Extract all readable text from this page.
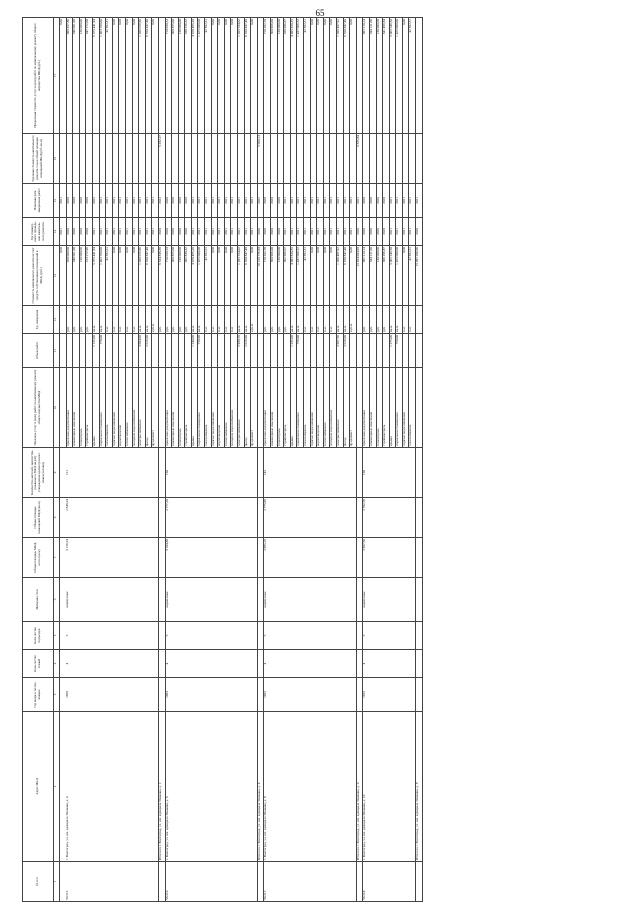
65
№ п/п	Адрес МКД	Год ввода в эксплу-атацию	Коли-чество этажей	Коли-чество подъездов	Материал стен	Общая площадь МКД, всего (кв.м)	Общая площадь помещений МКД (кв.м)	Количество жителей, зарегистри-рованных в МКД на дату утверждения краткосрочного плана (человек)	Перечень услуг и (или) работ по капитальному ремонту общего имущества МКД	Объем работ	Ед. измерения	Стоимость капитального ремонта за счет средств собственников помещений в МКД, (руб.)	Год планиру-емого проведе-ния капиталь-ного ремонта	Плановая дата завершения работ	Удельная стоимость капитального ремонта 1 кв.м общей площади помещений МКД (руб./кв.м)	Предельная стоимость услуг и (или) работ по капитальному ремонту общего имущества МКД (руб.)
1	2	3	4	5	6	7	8	9	10	11	12	13	14	15	16	17
												0,00	2021	2021		0,00
56.215.	г. Волгоград, ул. им. адмирала Ушакова, д. 4	1968	4	5	кирпичные	3 126,54	2 848,24	121	проектная документация		руб.	650 000,00	2020	2020		689 857,86
									инженерные изыскания		руб.	346 061,00	2020	2020		346 061,00
									техконтроль		руб.	130 000,00	2020	2020		130 000,00
									стройконтроль		руб.	313 272,96	2020	2020		347 272,00
									крыша	1 155,00	кв.м.	5 375 441,94	2021	2022		5 375 441,94
									подвальное помещение	770,00	кв.м.	1 463 760,00	2021	2021		1 463 760,00
									газоснабжение		п.м.	42 392,31	2021	2021		42 392,31
									горячее водоснабжение		п.м.	0,00	2021	2021		0,00
									водоотведение		п.м.	0,00	2021	2021		0,00
									теплоснабжение		п.м.	0,00	2021	2021		0,00
									холодное водоснабжение		п.м.	0,00	2021	2021		0,00
									электроснабжение	3 094,00	кв.м.	1 209 079,96	2021	2021		1 209 079,96
									фасад	2 019,00	кв.м.	6 550 847,40	2021	2021		6 550 847,40
									фундамент		куб.м.	0,00	2021	2021		0,00
	Итого по г. Волгоград, ул. им. адмирала Ушакова, д. 2										руб.	9 334 838,39	2020	2022	5 282,27	
56.216.	г. Волгоград, ул. им. адмирала Ушакова, д. 6	1963	4	5	кирпичные	3 104,80	2 777,20	130	проектная документация		руб.	710 050,53	2020	2020		710 050,53
									инженерные изыскания		руб.	360 855,00	2020	2020		360 855,00
									техконтроль		руб.	130 000,00	2020	2020		130 000,00
									стройконтроль		руб.	302 830,32	2020	2020		338 526,32
									крыша	1 240,00	кв.м.	4 928 495,20	2021	2021		4 928 495,20
									подвальное помещение	750,00	кв.м.	1 425 000,00	2021	2021		1 425 000,00
									газоснабжение		п.м.	42 392,31	2021	2021		42 392,31
									горячее водоснабжение		п.м.	0,00	2021	2021		0,00
									водоотведение		п.м.	0,00	2021	2021		0,00
									теплоснабжение		п.м.	0,00	2021	2021		0,00
									холодное водоснабжение		п.м.	0,00	2021	2021		0,00
									электроснабжение	2 998,19	кв.м.	1 205 534,02	2021	2021		1 205 534,02
									фасад	2 019,00	кв.м.	6 550 847,40	2021	2021		6 550 847,40
									фундамент		куб.м.	0,00	2021	2021		0,00
	Итого по г. Волгоград, ул. им. адмирала Ушакова, д. 4											16 120 776,83	2020	2022	5 560,13	
56.217.	г. Волгоград, ул. им. адмирала Ушакова, д. 8	1965	4	5	кирпичные	2 995,19	2 775,99	142	проектная документация		руб.	710 202,70	2020	2020		710 202,70
									инженерные изыскания		руб.	360 966,00	2020	2020		360 966,00
									техконтроль		руб.	130 000,00	2020	2020		130 000,00
									стройконтроль		руб.	302 609,67	2021	2021		338 606,67
									крыша	1 235,00	кв.м.	4 905 820,35	2021	2021		4 905 820,35
									подвальное помещение	756,00	кв.м.	1 437 066,52	2021	2021		1 437 066,52
									газоснабжение		п.м.	42 392,31	2021	2021		42 392,31
									горячее водоснабжение		п.м.	0,00	2021	2021		0,00
									водоотведение		п.м.	0,00	2021	2021		0,00
									теплоснабжение		п.м.	0,00	2021	2021		0,00
									холодное водоснабжение		п.м.	0,00	2021	2021		0,00
									электроснабжение	2 997,56	кв.м.	1 206 487,92	2021	2021		1 206 487,92
									фасад	2 019,00	кв.м.	6 550 847,40	2021	2021		6 550 847,40
									фундамент		куб.м.	0,00	2021	2021		0,00
	Итого по г. Волгоград, ул. им. адмирала Ушакова, д. 6											15 654 004,98	2020	2021	5 355,84	
56.218.	г. Волгоград, ул. им. адмирала Ушакова, д. 10	1955	4	5	кирпичные	2 997,56	2 782,76	150	проектная документация		руб.	687 210,14	2020	2020		687 210,14
									инженерные изыскания		руб.	344 121,00	2020	2020		344 121,00
									техконтроль		руб.	130 000,00	2020	2020		130 000,00
									стройконтроль		руб.	306 286,87	2020	2020		341 499,84
									крыша	1 275,00	кв.м.	5 065 549,50	2021	2021		5 065 549,50
									подвальное помещение	750,00	кв.м.	1 425 000,00	2021	2021		1 425 000,00
									горячее водоснабжение		п.м.	0,00	2021	2021		0,00
									газоснабжение		п.м.	42 392,31	2021	2021		42 392,31
	Итого по г. Волгоград, ул. им. адмирала Ушакова, д. 8											15 687 206,06	2020	2021		
